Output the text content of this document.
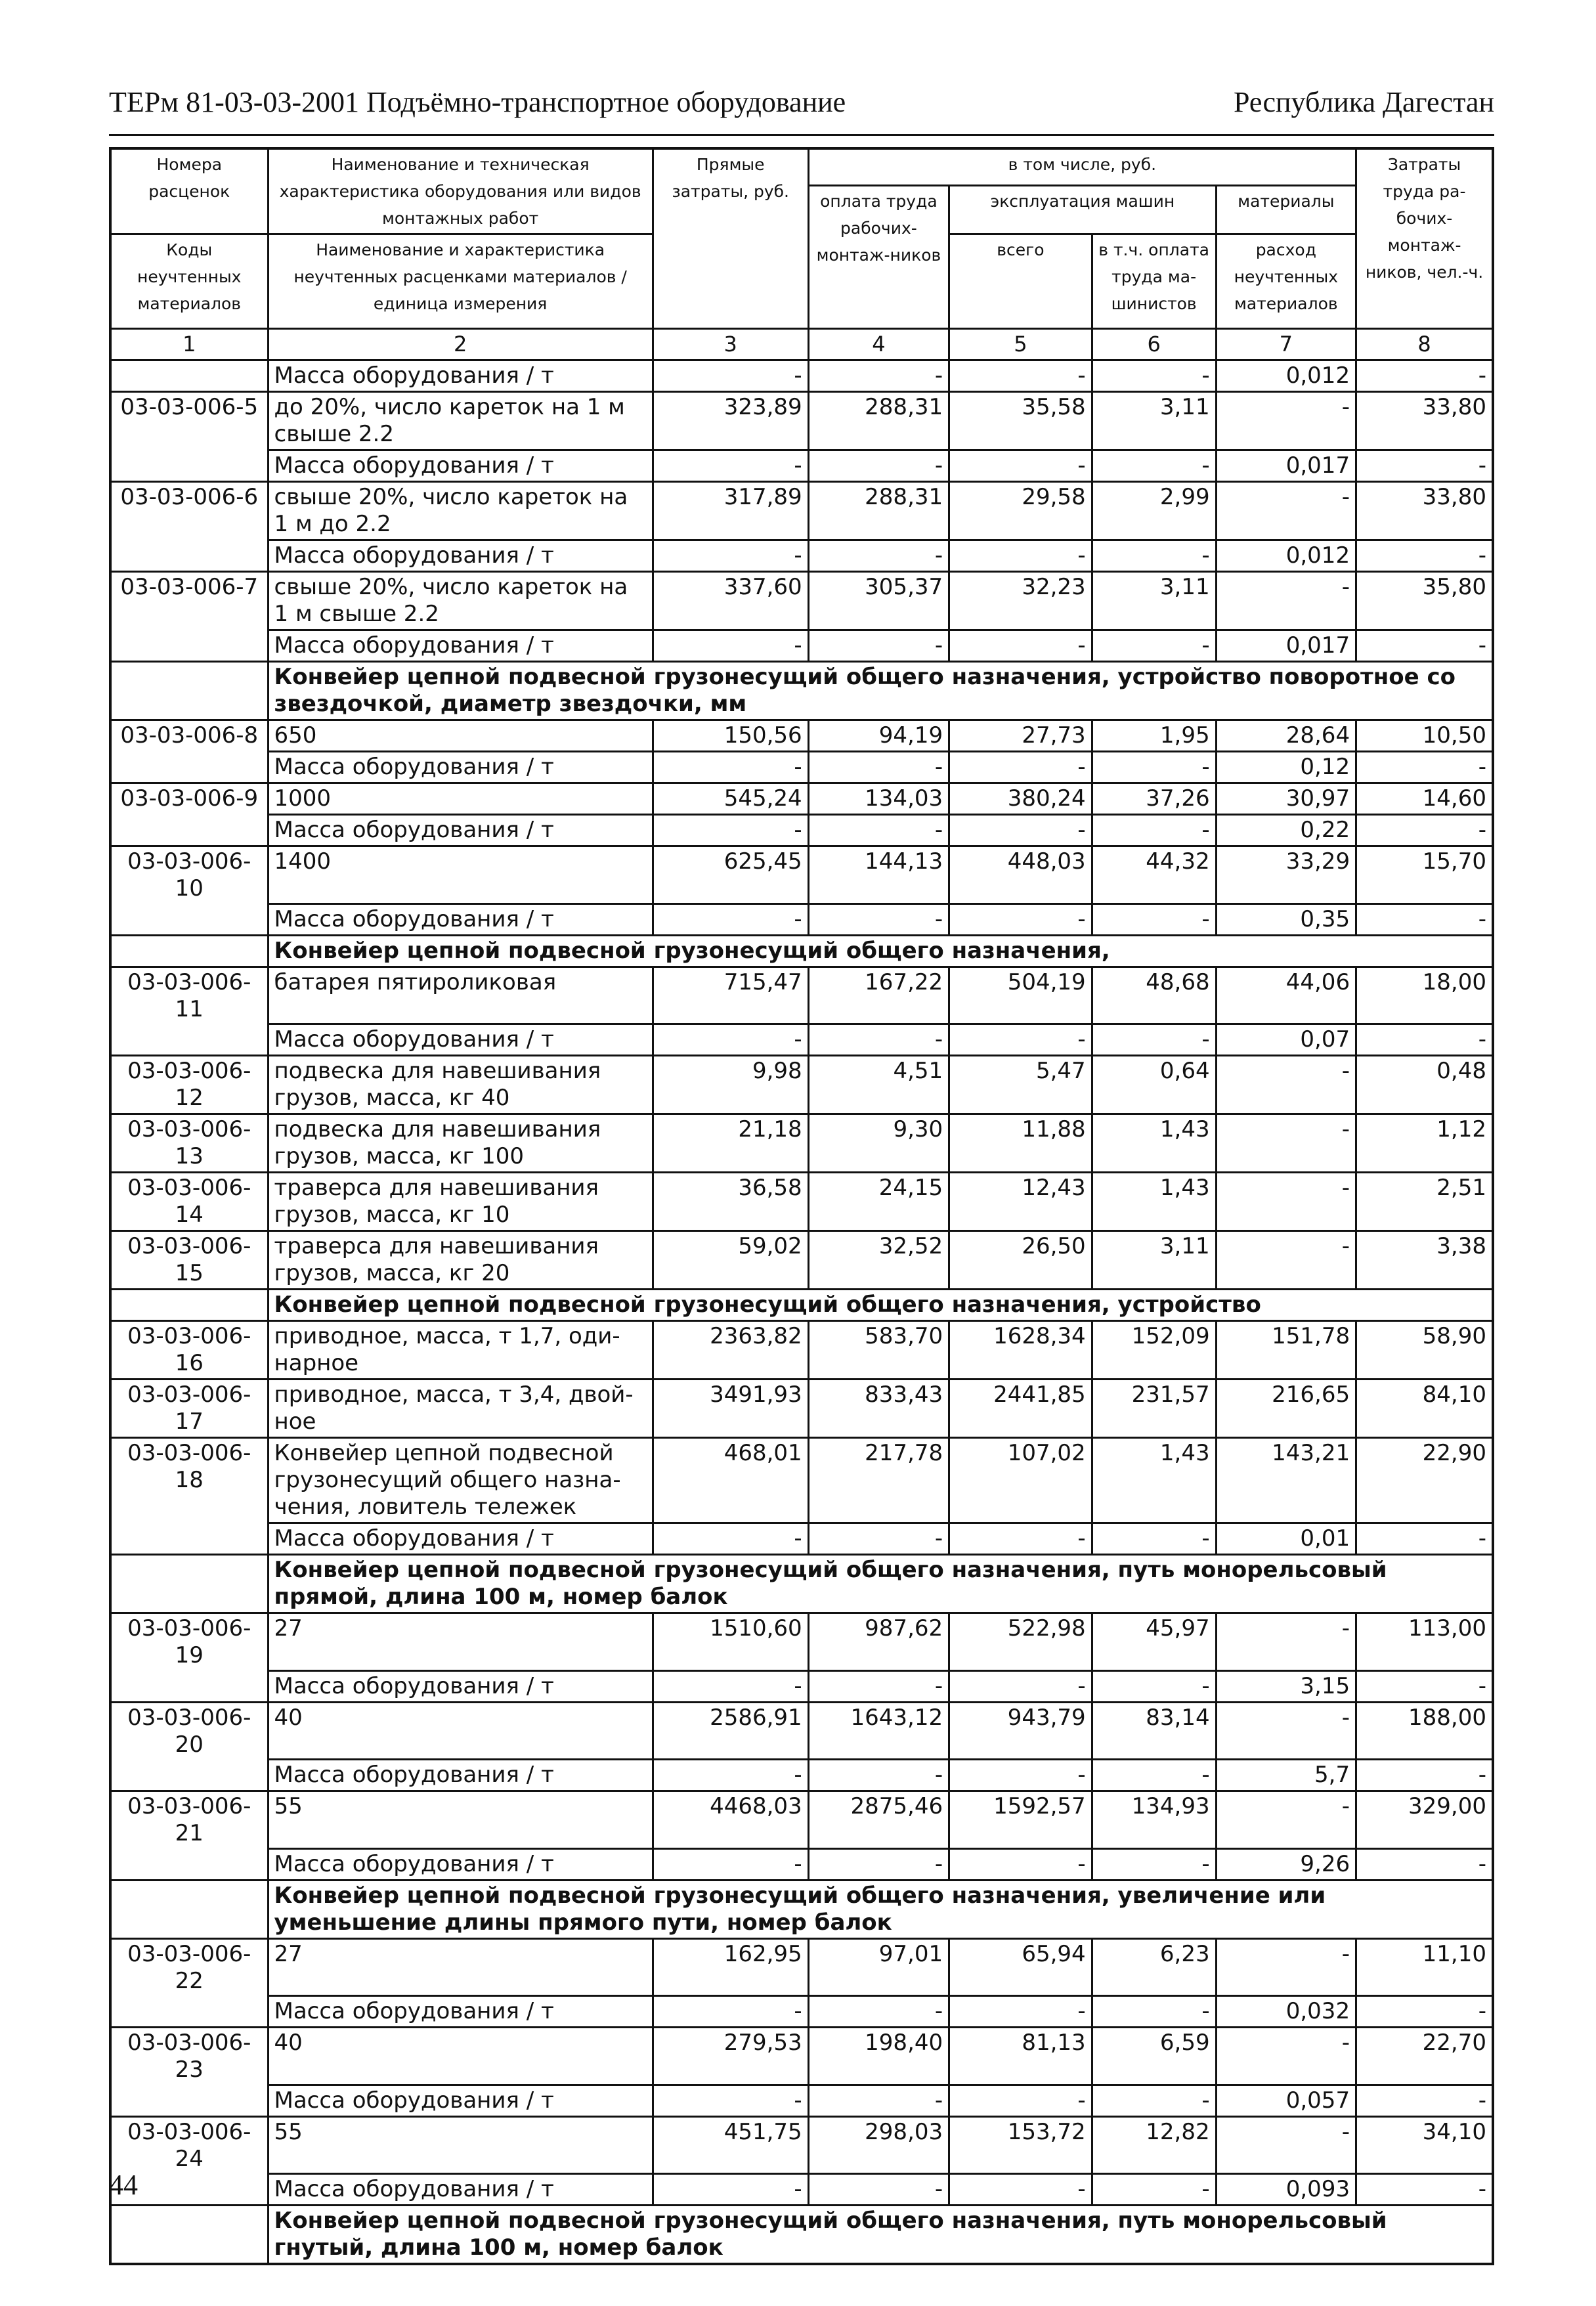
ТЕРм 81-03-03-2001 Подъёмно-транспортное оборудование	Республика Дагестан
Номера расценок	Наименование и техническая характеристика оборудования или видов монтажных работ	Прямые затраты, руб.	в том числе, руб.				Затраты труда ра-бочих-монтаж-ников, чел.-ч.
			оплата труда рабочих-монтаж-ников	эксплуатация машин		материалы	

Коды неучтенных материалов	Наименование и характеристика неучтенных расценками материалов / единица измерения			всего	в т.ч. оплата труда ма-шинистов	расход неучтенных материалов	

1	2	3	4	5	6	7	8
	Масса оборудования / т	-	-	-	-	0,012	-
03-03-006-5	до 20%, число кареток на 1 м свыше 2.2	323,89	288,31	35,58	3,11	-	33,80
	Масса оборудования / т	-	-	-	-	0,017	-
03-03-006-6	свыше 20%, число кареток на 1 м до 2.2	317,89	288,31	29,58	2,99	-	33,80
	Масса оборудования / т	-	-	-	-	0,012	-
03-03-006-7	свыше 20%, число кареток на 1 м свыше 2.2	337,60	305,37	32,23	3,11	-	35,80
	Масса оборудования / т	-	-	-	-	0,017	-
	Конвейер цепной подвесной грузонесущий общего назначения, устройство поворотное со звездочкой, диаметр звездочки, мм						
03-03-006-8	650	150,56	94,19	27,73	1,95	28,64	10,50
	Масса оборудования / т	-	-	-	-	0,12	-
03-03-006-9	1000	545,24	134,03	380,24	37,26	30,97	14,60
	Масса оборудования / т	-	-	-	-	0,22	-
03-03-006-10	1400	625,45	144,13	448,03	44,32	33,29	15,70
	Масса оборудования / т	-	-	-	-	0,35	-
	Конвейер цепной подвесной грузонесущий общего назначения,						
03-03-006-11	батарея пятироликовая	715,47	167,22	504,19	48,68	44,06	18,00
	Масса оборудования / т	-	-	-	-	0,07	-
03-03-006-12	подвеска для навешивания грузов, масса, кг 40	9,98	4,51	5,47	0,64	-	0,48
03-03-006-13	подвеска для навешивания грузов, масса, кг 100	21,18	9,30	11,88	1,43	-	1,12
03-03-006-14	траверса для навешивания грузов, масса, кг 10	36,58	24,15	12,43	1,43	-	2,51
03-03-006-15	траверса для навешивания грузов, масса, кг 20	59,02	32,52	26,50	3,11	-	3,38
	Конвейер цепной подвесной грузонесущий общего назначения, устройство						
03-03-006-16	приводное, масса, т 1,7, оди-нарное	2363,82	583,70	1628,34	152,09	151,78	58,90
03-03-006-17	приводное, масса, т 3,4, двой-ное	3491,93	833,43	2441,85	231,57	216,65	84,10
03-03-006-18	Конвейер цепной подвесной грузонесущий общего назна-чения, ловитель тележек	468,01	217,78	107,02	1,43	143,21	22,90
	Масса оборудования / т	-	-	-	-	0,01	-
	Конвейер цепной подвесной грузонесущий общего назначения, путь монорельсовый прямой, длина 100 м, номер балок						
03-03-006-19	27	1510,60	987,62	522,98	45,97	-	113,00
	Масса оборудования / т	-	-	-	-	3,15	-
03-03-006-20	40	2586,91	1643,12	943,79	83,14	-	188,00
	Масса оборудования / т	-	-	-	-	5,7	-
03-03-006-21	55	4468,03	2875,46	1592,57	134,93	-	329,00
	Масса оборудования / т	-	-	-	-	9,26	-
	Конвейер цепной подвесной грузонесущий общего назначения, увеличение или уменьшение длины прямого пути, номер балок						
03-03-006-22	27	162,95	97,01	65,94	6,23	-	11,10
	Масса оборудования / т	-	-	-	-	0,032	-
03-03-006-23	40	279,53	198,40	81,13	6,59	-	22,70
	Масса оборудования / т	-	-	-	-	0,057	-
03-03-006-24	55	451,75	298,03	153,72	12,82	-	34,10
	Масса оборудования / т	-	-	-	-	0,093	-
	Конвейер цепной подвесной грузонесущий общего назначения, путь монорельсовый гнутый, длина 100 м, номер балок						
44
